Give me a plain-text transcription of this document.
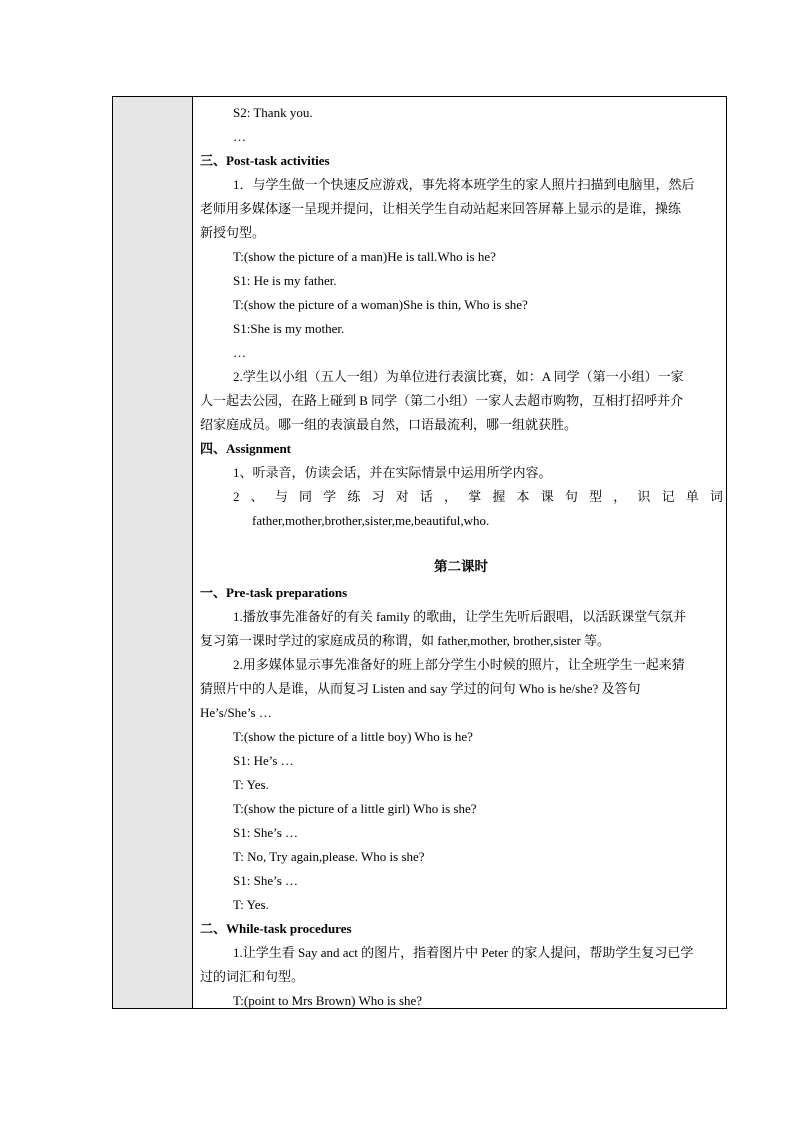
S2: Thank you.
…
三、Post-task activities
1．与学生做一个快速反应游戏，事先将本班学生的家人照片扫描到电脑里，然后
老师用多媒体逐一呈现并提问，让相关学生自动站起来回答屏幕上显示的是谁，操练
新授句型。
T:(show the picture of a man)He is tall.Who is he?
S1: He is my father.
T:(show the picture of a woman)She is thin, Who is she?
S1:She is my mother.
…
2.学生以小组（五人一组）为单位进行表演比赛，如：A 同学（第一小组）一家
人一起去公园，在路上碰到 B 同学（第二小组）一家人去超市购物，互相打招呼并介
绍家庭成员。哪一组的表演最自然，口语最流利，哪一组就获胜。
四、Assignment
1、听录音，仿读会话，并在实际情景中运用所学内容。
2 、 与 同 学 练 习 对 话 ， 掌 握 本 课 句 型 ， 识 记 单 词
father,mother,brother,sister,me,beautiful,who.
第二课时
一、Pre-task preparations
1.播放事先准备好的有关 family 的歌曲，让学生先听后跟唱，以活跃课堂气氛并
复习第一课时学过的家庭成员的称谓，如 father,mother, brother,sister 等。
2.用多媒体显示事先准备好的班上部分学生小时候的照片，让全班学生一起来猜
猜照片中的人是谁，从而复习 Listen and say 学过的问句 Who is he/she? 及答句
He’s/She’s …
T:(show the picture of a little boy) Who is he?
S1: He’s …
T: Yes.
T:(show the picture of a little girl) Who is she?
S1: She’s …
T: No, Try again,please. Who is she?
S1: She’s …
T: Yes.
二、While-task procedures
1.让学生看 Say and act 的图片，指着图片中 Peter 的家人提问，帮助学生复习已学
过的词汇和句型。
T:(point to Mrs Brown) Who is she?
